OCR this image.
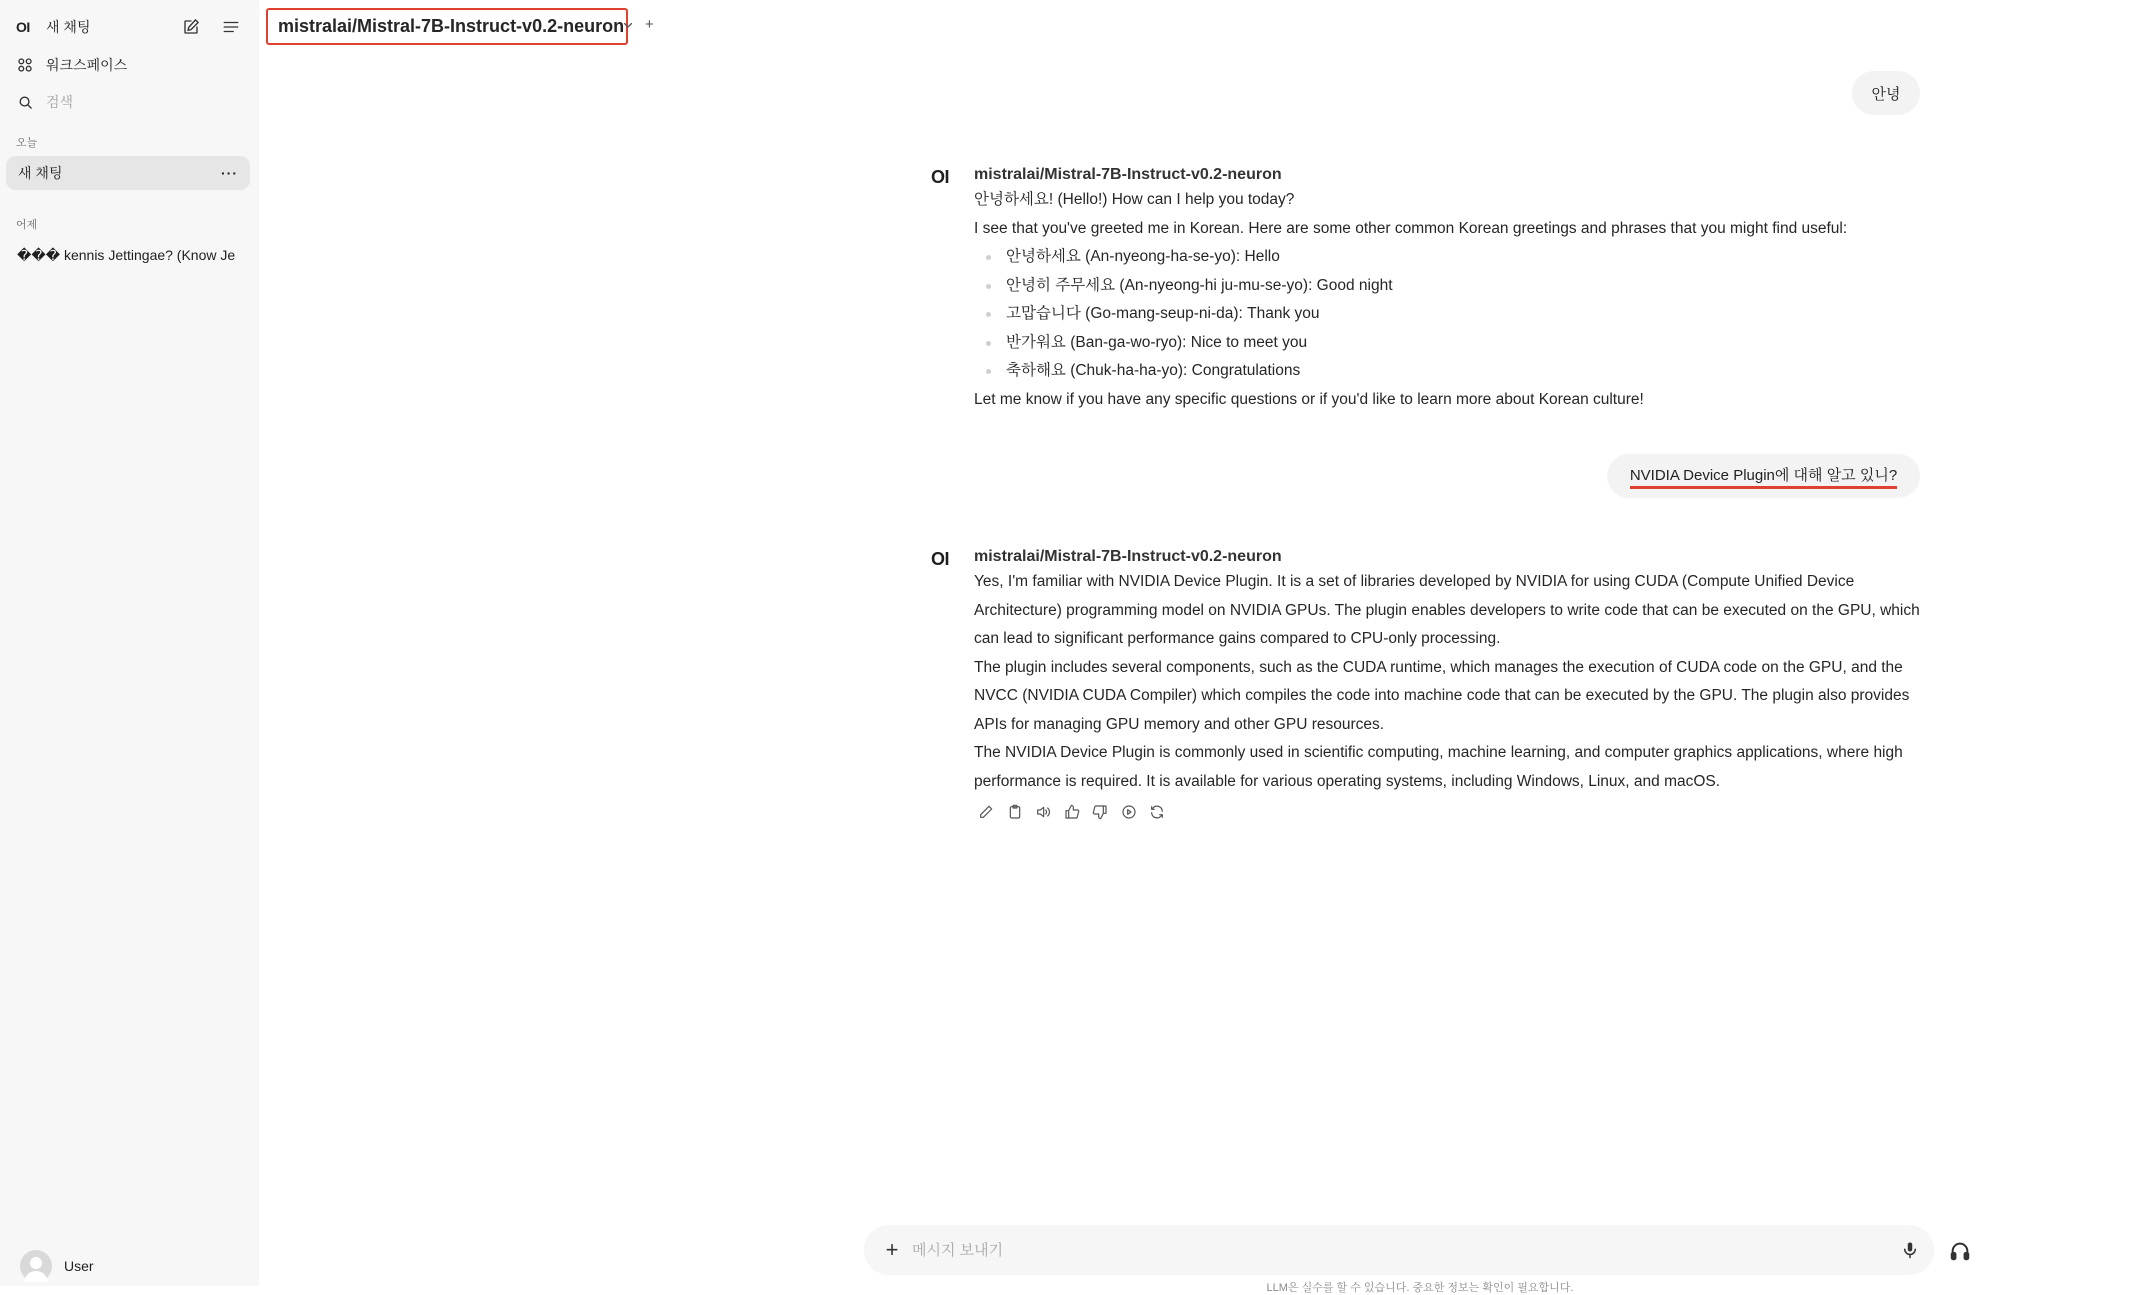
OI	새 채팅
워크스페이스
검색
오늘
새 채팅	···
어제
��� kennis Jettingae? (Know Je
User
mistralai/Mistral-7B-Instruct-v0.2-neuron +
안녕
OI mistralai/Mistral-7B-Instruct-v0.2-neuron

안녕하세요! (Hello!) How can I help you today?

I see that you've greeted me in Korean. Here are some other common Korean greetings and phrases that you might find useful:

안녕하세요 (An-nyeong-ha-se-yo): Hello
안녕히 주무세요 (An-nyeong-hi ju-mu-se-yo): Good night
고맙습니다 (Go-mang-seup-ni-da): Thank you
반가워요 (Ban-ga-wo-ryo): Nice to meet you
축하해요 (Chuk-ha-ha-yo): Congratulations

Let me know if you have any specific questions or if you'd like to learn more about Korean culture!

NVIDIA Device Plugin에 대해 알고 있니?
OI mistralai/Mistral-7B-Instruct-v0.2-neuron

Yes, I'm familiar with NVIDIA Device Plugin. It is a set of libraries developed by NVIDIA for using CUDA (Compute Unified Device Architecture) programming model on NVIDIA GPUs. The plugin enables developers to write code that can be executed on the GPU, which can lead to significant performance gains compared to CPU-only processing.

The plugin includes several components, such as the CUDA runtime, which manages the execution of CUDA code on the GPU, and the NVCC (NVIDIA CUDA Compiler) which compiles the code into machine code that can be executed by the GPU. The plugin also provides APIs for managing GPU memory and other GPU resources.

The NVIDIA Device Plugin is commonly used in scientific computing, machine learning, and computer graphics applications, where high performance is required. It is available for various operating systems, including Windows, Linux, and macOS.

+
메시지 보내기
LLM은 실수를 할 수 있습니다. 중요한 정보는 확인이 필요합니다.
